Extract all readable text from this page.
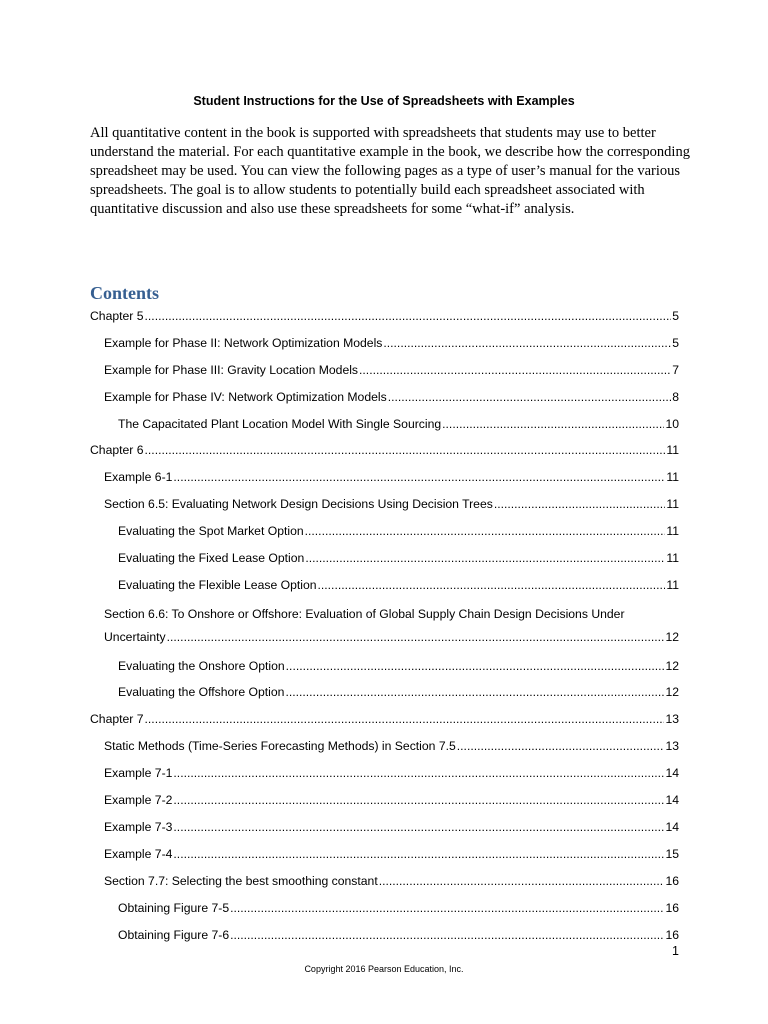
Student Instructions for the Use of Spreadsheets with Examples
All quantitative content in the book is supported with spreadsheets that students may use to better understand the material. For each quantitative example in the book, we describe how the corresponding spreadsheet may be used. You can view the following pages as a type of user’s manual for the various spreadsheets. The goal is to allow students to potentially build each spreadsheet associated with quantitative discussion and also use these spreadsheets for some “what-if” analysis.
Contents
Chapter 5 .....	5
Example for Phase II: Network Optimization Models .....	5
Example for Phase III: Gravity Location Models .....	7
Example for Phase IV: Network Optimization Models .....	8
The Capacitated Plant Location Model With Single Sourcing .....	10
Chapter 6 .....	11
Example 6-1 .....	11
Section 6.5: Evaluating Network Design Decisions Using Decision Trees .....	11
Evaluating the Spot Market Option .....	11
Evaluating the Fixed Lease Option .....	11
Evaluating the Flexible Lease Option .....	11
Section 6.6: To Onshore or Offshore: Evaluation of Global Supply Chain Design Decisions Under
Uncertainty .....	12
Evaluating the Onshore Option .....	12
Evaluating the Offshore Option .....	12
Chapter 7 .....	13
Static Methods (Time-Series Forecasting Methods) in Section 7.5 .....	13
Example 7-1 .....	14
Example 7-2 .....	14
Example 7-3 .....	14
Example 7-4 .....	15
Section 7.7: Selecting the best smoothing constant .....	16
Obtaining Figure 7-5 .....	16
Obtaining Figure 7-6 .....	16
1
Copyright 2016 Pearson Education, Inc.
